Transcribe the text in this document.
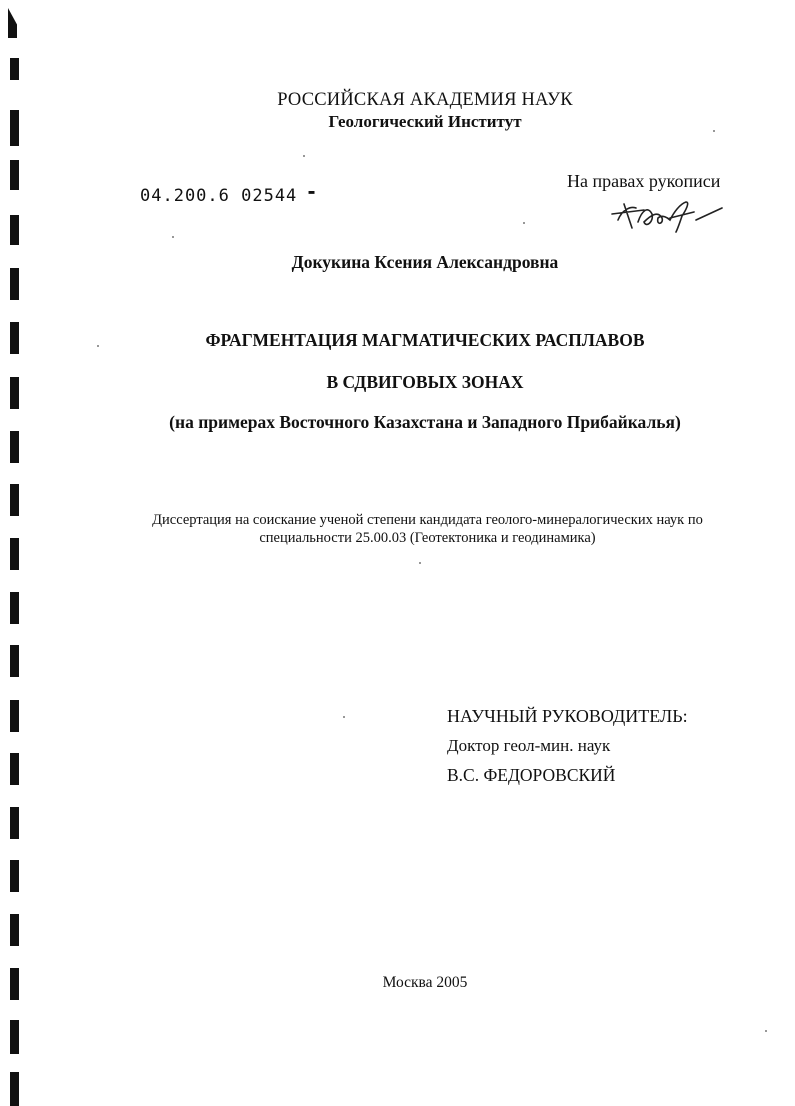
РОССИЙСКАЯ АКАДЕМИЯ НАУК
Геологический Институт
04.200.6 02544 ▬
На правах рукописи
Докукина Ксения Александровна
ФРАГМЕНТАЦИЯ МАГМАТИЧЕСКИХ РАСПЛАВОВ
В СДВИГОВЫХ ЗОНАХ
(на примерах Восточного Казахстана и Западного Прибайкалья)
Диссертация на соискание ученой степени кандидата геолого-минералогических наук по специальности 25.00.03 (Геотектоника и геодинамика)
НАУЧНЫЙ РУКОВОДИТЕЛЬ:
Доктор геол-мин. наук
В.С. ФЕДОРОВСКИЙ
Москва 2005
